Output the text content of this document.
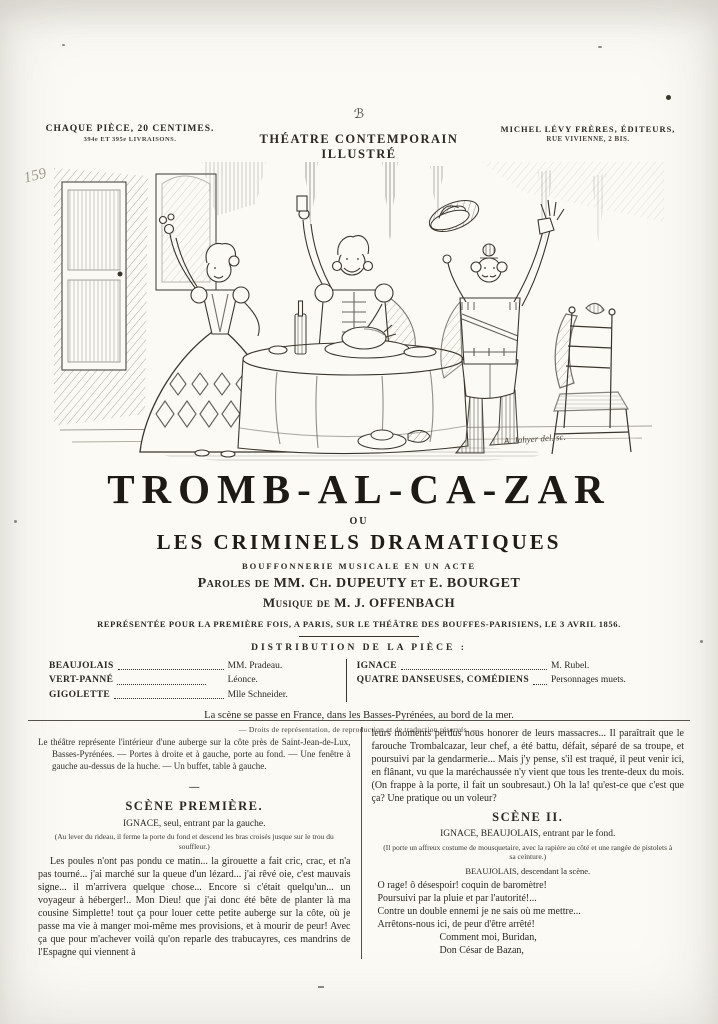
CHAQUE PIÈCE, 20 CENTIMES.
394e ET 395e LIVRAISONS.
ℬ
THÉATRE CONTEMPORAIN ILLUSTRÉ
MICHEL LÉVY FRÈRES, ÉDITEURS,
RUE VIVIENNE, 2 BIS.
159
A. Jahyer del. sc.
TROMB-AL-CA-ZAR
OU
LES CRIMINELS DRAMATIQUES
BOUFFONNERIE MUSICALE EN UN ACTE
Paroles de MM. Ch. DUPEUTY et E. BOURGET
Musique de M. J. OFFENBACH
REPRÉSENTÉE POUR LA PREMIÈRE FOIS, A PARIS, SUR LE THÉÂTRE DES BOUFFES-PARISIENS, LE 3 AVRIL 1856.
DISTRIBUTION DE LA PIÈCE :
BEAUJOLAIS	MM. Pradeau.
VERT-PANNÉ	Léonce.
GIGOLETTE	Mlle Schneider.
IGNACE	M. Rubel.
QUATRE DANSEUSES, COMÉDIENS Personnages muets.
La scène se passe en France, dans les Basses-Pyrénées, au bord de la mer.
— Droits de représentation, de reproduction et de traduction réservés. —

Le théâtre représente l'intérieur d'une auberge sur la côte près de Saint-Jean-de-Lux, Basses-Pyrénées. — Portes à droite et à gauche, porte au fond. — Une fenêtre à gauche au-dessus de la huche. — Un buffet, table à gauche.

—
SCÈNE PREMIÈRE.
IGNACE, seul, entrant par la gauche.
(Au lever du rideau, il ferme la porte du fond et descend les bras croisés jusque sur le trou du souffleur.)

Les poules n'ont pas pondu ce matin... la girouette a fait cric, crac, et n'a pas tourné... j'ai marché sur la queue d'un lézard... j'ai rêvé oie, c'est mauvais signe... il m'arrivera quelque chose... Encore si c'était quelqu'un... un voyageur à héberger!.. Mon Dieu! que j'ai donc été bête de planter là ma cousine Simplette! tout ça pour louer cette petite auberge sur la côte, où je passe ma vie à manger moi-même mes provisions, et à mourir de peur! Avec ça que pour m'achever voilà qu'on reparle des trabucayres, ces mandrins de l'Espagne qui viennent à

leurs moments perdus nous honorer de leurs massacres... Il paraîtrait que le farouche Trombalcazar, leur chef, a été battu, défait, séparé de sa troupe, et poursuivi par la gendarmerie... Mais j'y pense, s'il est traqué, il peut venir ici, en flânant, vu que la maréchaussée n'y vient que tous les trente-deux du mois. (On frappe à la porte, il fait un soubresaut.) Oh la la! qu'est-ce que c'est que ça? Une pratique ou un voleur?

SCÈNE II.
IGNACE, BEAUJOLAIS, entrant par le fond.
(Il porte un affreux costume de mousquetaire, avec la rapière au côté et une rangée de pistolets à sa ceinture.)
BEAUJOLAIS, descendant la scène.
O rage! ô désespoir! coquin de baromètre!
Poursuivi par la pluie et par l'autorité!...
Contre un double ennemi je ne sais où me mettre...
Arrêtons-nous ici, de peur d'être arrêté!
Comment moi, Buridan,
Don César de Bazan,
